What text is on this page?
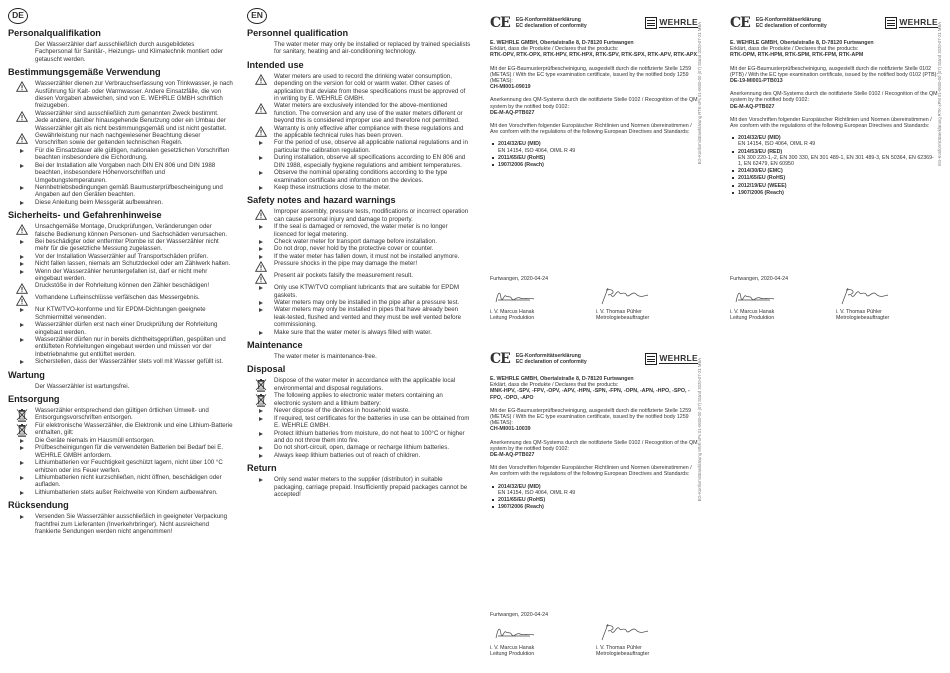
DE
Personalqualifikation
Der Wasserzähler darf ausschließlich durch ausgebildetes Fachpersonal für Sanitär-, Heizungs- und Klimatechnik montiert oder getauscht werden.
Bestimmungsgemäße Verwendung
Wasserzähler dienen zur Verbrauchserfassung von Trinkwasser, je nach Ausführung für Kalt- oder Warmwasser. Andere Einsatzfälle, die von diesen Vorgaben abweichen, sind von E. WEHRLE GMBH schriftlich freizugeben.
Wasserzähler sind ausschließlich zum genannten Zweck bestimmt. Jede andere, darüber hinausgehende Benutzung oder ein Umbau der Wasserzähler gilt als nicht bestimmungsgemäß und ist nicht gestattet.
Gewährleistung nur nach nachgewiesener Beachtung dieser Vorschriften sowie der geltenden technischen Regeln.
Für die Einsatzdauer alle gültigen, nationalen gesetzlichen Vorschriften beachten insbesondere die Eichordnung.
Bei der Installation alle Vorgaben nach DIN EN 806 und DIN 1988 beachten, insbesondere Höhenvorschriften und Umgebungstemperaturen.
Nennbetriebsbedingungen gemäß Baumusterprüfbescheinigung und Angaben auf den Geräten beachten.
Diese Anleitung beim Messgerät aufbewahren.
Sicherheits- und Gefahrenhinweise
Unsachgemäße Montage, Druckprüfungen, Veränderungen oder falsche Bedienung können Personen- und Sachschäden verursachen.
Bei beschädigter oder entfernter Plombe ist der Wasserzähler nicht mehr für die gesetzliche Messung zugelassen.
Vor der Installation Wasserzähler auf Transportschäden prüfen.
Nicht fallen lassen, niemals am Schutzdeckel oder am Zählwerk halten.
Wenn der Wasserzähler heruntergefallen ist, darf er nicht mehr eingebaut werden.
Druckstöße in der Rohrleitung können den Zähler beschädigen!
Vorhandene Lufteinschlüsse verfälschen das Messergebnis.
Nur KTW/TVO-konforme und für EPDM-Dichtungen geeignete Schmiermittel verwenden.
Wasserzähler dürfen erst nach einer Druckprüfung der Rohrleitung eingebaut werden.
Wasserzähler dürfen nur in bereits dichtheitsgeprüften, gespülten und entlüfteten Rohrleitungen eingebaut werden und müssen vor der Inbetriebnahme gut entlüftet werden.
Sicherstellen, dass der Wasserzähler stets voll mit Wasser gefüllt ist.
Wartung
Der Wasserzähler ist wartungsfrei.
Entsorgung
Wasserzähler entsprechend den gültigen örtlichen Umwelt- und Entsorgungsvorschriften entsorgen.
Für elektronische Wasserzähler, die Elektronik und eine Lithium-Batterie enthalten, gilt:
Die Geräte niemals im Hausmüll entsorgen.
Prüfbescheinigungen für die verwendeten Batterien bei Bedarf bei E. WEHRLE GMBH anfordern.
Lithiumbatterien vor Feuchtigkeit geschützt lagern, nicht über 100 °C erhitzen oder ins Feuer werfen.
Lithiumbatterien nicht kurzschließen, nicht öffnen, beschädigen oder aufladen.
Lithiumbatterien stets außer Reichweite von Kindern aufbewahren.
Rücksendung
Versenden Sie Wasserzähler ausschließlich in geeigneter Verpackung frachtfrei zum Lieferanten (Inverkehrbringer). Nicht ausreichend frankierte Sendungen werden nicht angenommen!
EN
Personnel qualification
The water meter may only be installed or replaced by trained specialists for sanitary, heating and air-conditioning technology.
Intended use
Water meters are used to record the drinking water consumption, depending on the version for cold or warm water. Other cases of application that deviate from these specifications must be approved of in writing by E. WEHRLE GMBH.
Water meters are exclusively intended for the above-mentioned function. The conversion and any use of the water meters different or beyond this is considered improper use and therefore not permitted.
Warranty is only effective after compliance with these regulations and the applicable technical rules has been proven.
For the period of use, observe all applicable national regulations and in particular the calibration regulation.
During installation, observe all specifications according to EN 806 and DIN 1988, especially hygiene regulations and ambient temperatures.
Observe the nominal operating conditions according to the type examination certificate and information on the devices.
Keep these instructions close to the meter.
Safety notes and hazard warnings
Improper assembly, pressure tests, modifications or incorrect operation can cause personal injury and damage to property.
If the seal is damaged or removed, the water meter is no longer licenced for legal metering.
Check water meter for transport damage before installation.
Do not drop, never hold by the protective cover or counter.
If the water meter has fallen down, it must not be installed anymore.
Pressure shocks in the pipe may damage the meter!
Present air pockets falsify the measurement result.
Only use KTW/TVO compliant lubricants that are suitable for EPDM gaskets.
Water meters may only be installed in the pipe after a pressure test.
Water meters may only be installed in pipes that have already been leak-tested, flushed and vented and they must be well vented before commissioning.
Make sure that the water meter is always filled with water.
Maintenance
The water meter is maintenance-free.
Disposal
Dispose of the water meter in accordance with the applicable local environmental and disposal regulations.
The following applies to electronic water meters containing an electronic system and a lithium battery:
Never dispose of the devices in household waste.
If required, test certificates for the batteries in use can be obtained from E. WEHRLE GMBH.
Protect lithium batteries from moisture, do not heat to 100°C or higher and do not throw them into fire.
Do not short-circuit, open, damage or recharge lithium batteries.
Always keep lithium batteries out of reach of children.
Return
Only send water meters to the supplier (distributor) in suitable packaging, carriage prepaid. Insufficiently prepaid packages cannot be accepted!
CE EG-Konformitätserklärung
EC declaration of conformity	WEHRLE
E. WEHRLE GMBH, Obertalstraße 8, D-78120 Furtwangen
Erklärt, dass die Produkte / Declares that the products:
RTK-OPV, RTK-OPX, RTK-HPV, RTK-HPX, RTK-SPV, RTK-SPX, RTK-APV, RTK-APX
Mit der EG-Baumusterprüfbescheinigung, ausgestellt durch die notifizierte Stelle 1259 (METAS) / With the EC type examination certificate, issued by the notified body 1259 (METAS):
CH-MI001-09019
Anerkennung des QM-Systems durch die notifizierte Stelle 0102 / Recognition of the QM system by the notified body 0102:
DE-M-AQ-PTB027
Mit den Vorschriften folgender Europäischer Richtlinien und Normen übereinstimmen / Are conform with the regulations of the following European Directives and Standards:
2014/32/EU (MID)
EN 14154, ISO 4064, OIML R 49
2011/65/EU (RoHS)
1907/2006 (Reach)
Furtwangen, 2020-04-24
i. V. Marcus Hanak
Leitung Produktion
i. V. Thomas Pühler
Metrologiebeauftragter
CE EG-Konformitätserklärung
EC declaration of conformity	WEHRLE
E. WEHRLE GMBH, Obertalstraße 8, D-78120 Furtwangen
Erklärt, dass die Produkte / Declares that the products:
RTK-OPM, RTK-HPM, RTK-SPM, RTK-FPM, RTK-APM
Mit der EG-Baumusterprüfbescheinigung, ausgestellt durch die notifizierte Stelle 0102 (PTB) / With the EC type examination certificate, issued by the notified body 0102 (PTB):
DE-19-MI001-PTB013
Anerkennung des QM-Systems durch die notifizierte Stelle 0102 / Recognition of the QM system by the notified body 0102:
DE-M-AQ-PTB027
Mit den Vorschriften folgender Europäischer Richtlinien und Normen übereinstimmen / Are conform with the regulations of the following European Directives and Standards:
2014/32/EU (MID)
EN 14154, ISO 4064, OIML R 49
2014/53/EU (RED)
EN 300 220-1,-2, EN 300 330, EN 301 489-1, EN 301 489-3, EN 50364, EN 62369-1, EN 62479, EN 60950
2014/30/EU (EMC)
2011/65/EU (RoHS)
2012/19/EU (WEEE)
1907/2006 (Reach)
Furtwangen, 2020-04-24
i. V. Marcus Hanak
Leitung Produktion
i. V. Thomas Pühler
Metrologiebeauftragter
CE EG-Konformitätserklärung
EC declaration of conformity	WEHRLE
E. WEHRLE GMBH, Obertalstraße 8, D-78120 Furtwangen
Erklärt, dass die Produkte / Declares that the products:
MNK-HPV, -SPV, -FPV, -OPV, -APV, -HPN, -SPN, -FPN, -OPN, -APN, -HPO, -SPO, -FPO, -OPO, -APO
Mit der EG-Baumusterprüfbescheinigung, ausgestellt durch die notifizierte Stelle 1259 (METAS) / With the EC type examination certificate, issued by the notified body 1259 (METAS):
CH-MI001-10039
Anerkennung des QM-Systems durch die notifizierte Stelle 0102 / Recognition of the QM system by the notified body 0102:
DE-M-AQ-PTB027
Mit den Vorschriften folgender Europäischer Richtlinien und Normen übereinstimmen / Are conform with the regulations of the following European Directives and Standards:
2014/32/EU (MID)
EN 14154, ISO 4064, OIML R 49
2011/65/EU (RoHS)
1907/2006 (Reach)
Furtwangen, 2020-04-24
i. V. Marcus Hanak
Leitung Produktion
i. V. Thomas Pühler
Metrologiebeauftragter
EG-Konformitätserklärung RTK-xPx 01-0600-00 (07) Stand 2020-07-21 MBA	EG-Konformitätserklärung RTK-xPM 01-0600-00 (07) Stand 2020-07-21 MBA
EG-Konformitätserklärung MNK-xPx 01-0600-00 (07) Stand 2020-07-21 MBA
